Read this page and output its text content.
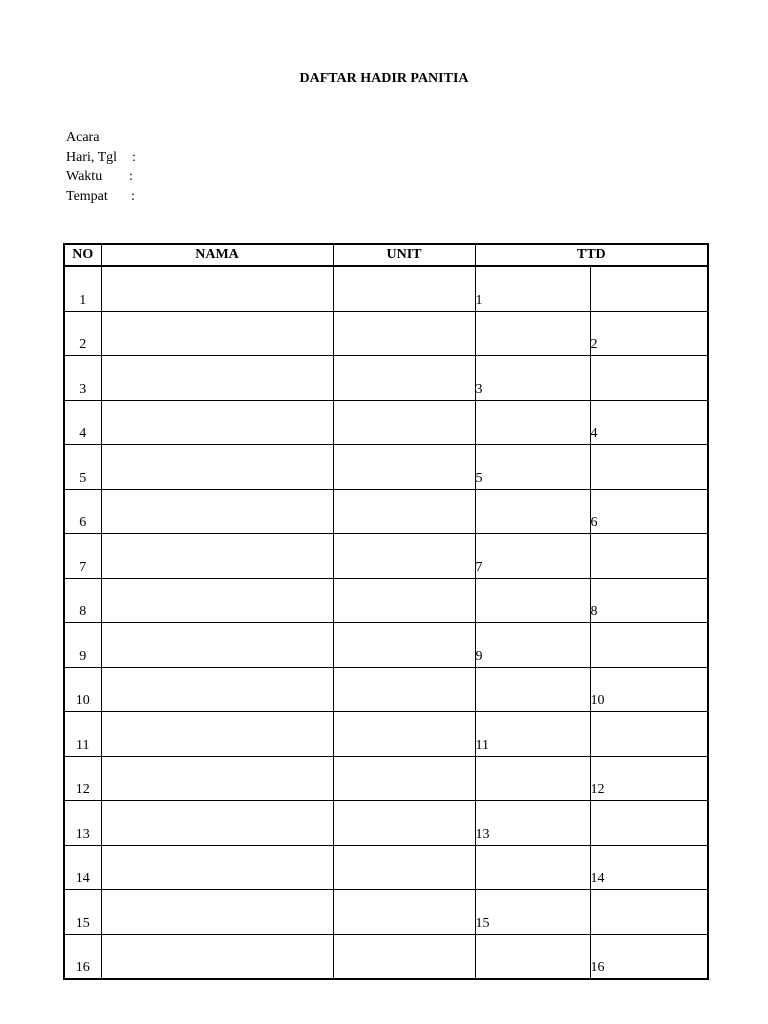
DAFTAR HADIR PANITIA
Acara
Hari, Tgl :
Waktu :
Tempat :
NO	NAMA	UNIT	TTD	
1			1	
2				2
3			3	
4				4
5			5	
6				6
7			7	
8				8
9			9	
10				10
11			11	
12				12
13			13	
14				14
15			15	
16				16
